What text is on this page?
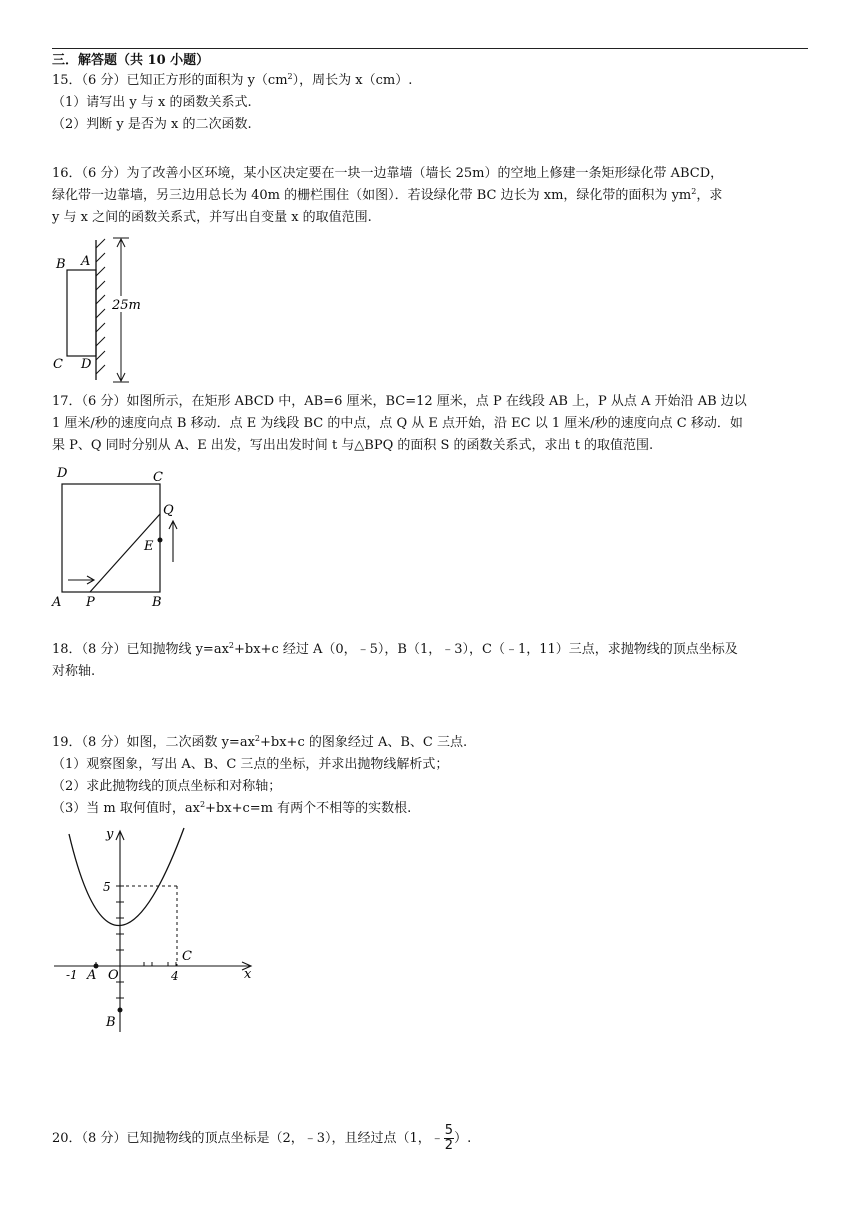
三．解答题（共 10 小题）
15．（6 分）已知正方形的面积为 $y(cm^2)$，周长为 x（cm）.
（1）请写出 y 与 x 的函数关系式.
（2）判断 y 是否为 x 的二次函数.
16．（6 分）为了改善小区环境，某小区决定要在一块一边靠墙（墙长 25m）的空地上修建一条矩形绿化带 ABCD，
绿化带一边靠墙，另三边用总长为 40m 的栅栏围住（如图）．若设绿化带 BC 边长为 xm，绿化带的面积为 $ym^2$，求
y 与 x 之间的函数关系式，并写出自变量 x 的取值范围.
25m
B A
C D
17．（6 分）如图所示，在矩形 ABCD 中，AB=6 厘米，BC=12 厘米，点 P 在线段 AB 上，P 从点 A 开始沿 AB 边以
1 厘米/秒的速度向点 B 移动．点 E 为线段 BC 的中点，点 Q 从 E 点开始，沿 EC 以 1 厘米/秒的速度向点 C 移动．如
果 P、Q 同时分别从 A、E 出发，写出出发时间 t 与△BPQ 的面积 S 的函数关系式，求出 t 的取值范围.
D	C
Q
E
A P	B
18．（8 分）已知抛物线 $y=ax^2+bx+c$ 经过 A（0，﹣5），B（1，﹣3），C（﹣1，11）三点，求抛物线的顶点坐标及
对称轴.
19．（8 分）如图，二次函数 $y=ax^2+bx+c$ 的图象经过 A、B、C 三点.
（1）观察图象，写出 A、B、C 三点的坐标，并求出抛物线解析式；
（2）求此抛物线的顶点坐标和对称轴；
（3）当 m 取何值时，$ax^2+bx+c=m$ 有两个不相等的实数根.
y
x
5
-1 A O	4
C
B
20．（8 分）已知抛物线的顶点坐标是（2，﹣3），且经过点（1，﹣ $\frac{5}{2}$ ）.
